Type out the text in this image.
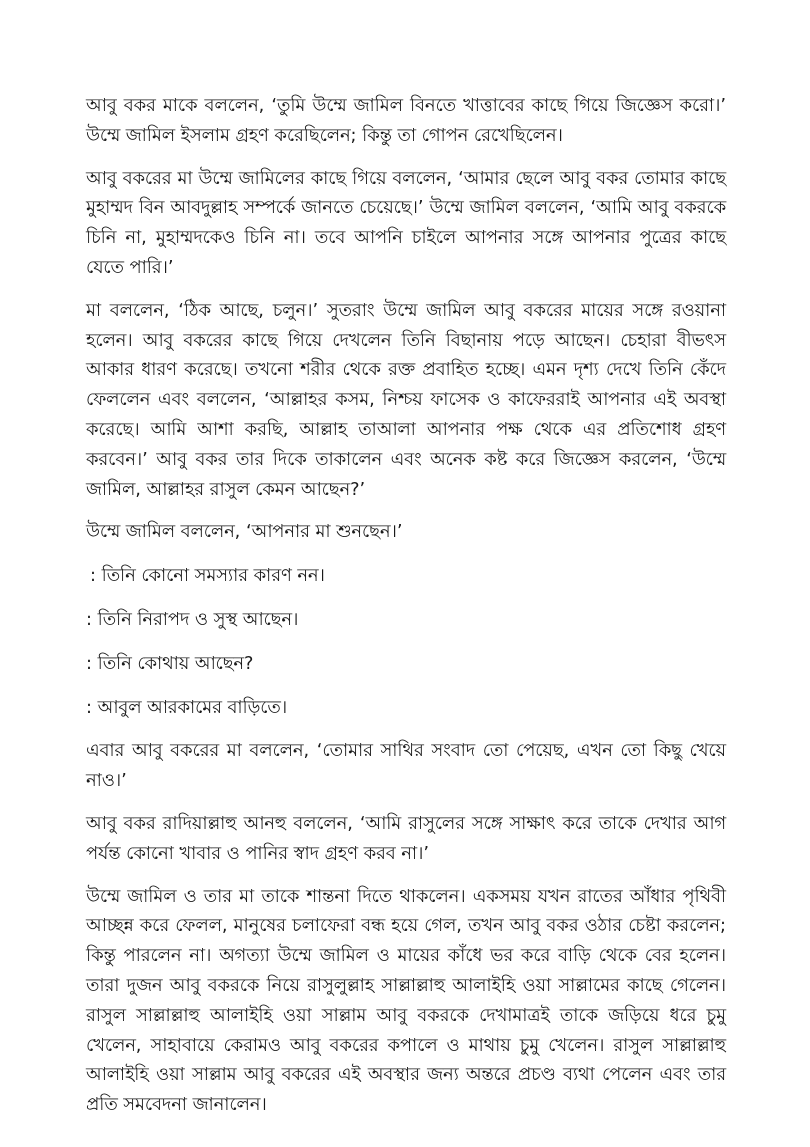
আবু বকর মাকে বললেন, ‘তুমি উম্মে জামিল বিনতে খাত্তাবের কাছে গিয়ে জিজ্ঞেস করো।’ উম্মে জামিল ইসলাম গ্রহণ করেছিলেন; কিন্তু তা গোপন রেখেছিলেন।

আবু বকরের মা উম্মে জামিলের কাছে গিয়ে বললেন, ‘আমার ছেলে আবু বকর তোমার কাছে মুহাম্মদ বিন আবদুল্লাহ সম্পর্কে জানতে চেয়েছে।’ উম্মে জামিল বললেন, ‘আমি আবু বকরকে চিনি না, মুহাম্মদকেও চিনি না। তবে আপনি চাইলে আপনার সঙ্গে আপনার পুত্রের কাছে যেতে পারি।’

মা বললেন, ‘ঠিক আছে, চলুন।’ সুতরাং উম্মে জামিল আবু বকরের মায়ের সঙ্গে রওয়ানা হলেন। আবু বকরের কাছে গিয়ে দেখলেন তিনি বিছানায় পড়ে আছেন। চেহারা বীভৎস আকার ধারণ করেছে। তখনো শরীর থেকে রক্ত প্রবাহিত হচ্ছে। এমন দৃশ্য দেখে তিনি কেঁদে ফেললেন এবং বললেন, ‘আল্লাহর কসম, নিশ্চয় ফাসেক ও কাফেররাই আপনার এই অবস্থা করেছে। আমি আশা করছি, আল্লাহ তাআলা আপনার পক্ষ থেকে এর প্রতিশোধ গ্রহণ করবেন।’ আবু বকর তার দিকে তাকালেন এবং অনেক কষ্ট করে জিজ্ঞেস করলেন, ‘উম্মে জামিল, আল্লাহর রাসুল কেমন আছেন?’

উম্মে জামিল বললেন, ‘আপনার মা শুনছেন।’

: তিনি কোনো সমস্যার কারণ নন।

: তিনি নিরাপদ ও সুস্থ আছেন।

: তিনি কোথায় আছেন?

: আবুল আরকামের বাড়িতে।

এবার আবু বকরের মা বললেন, ‘তোমার সাথির সংবাদ তো পেয়েছ, এখন তো কিছু খেয়ে নাও।’

আবু বকর রাদিয়াল্লাহু আনহু বললেন, ‘আমি রাসুলের সঙ্গে সাক্ষাৎ করে তাকে দেখার আগ পর্যন্ত কোনো খাবার ও পানির স্বাদ গ্রহণ করব না।’

উম্মে জামিল ও তার মা তাকে শান্তনা দিতে থাকলেন। একসময় যখন রাতের আঁধার পৃথিবী আচ্ছন্ন করে ফেলল, মানুষের চলাফেরা বন্ধ হয়ে গেল, তখন আবু বকর ওঠার চেষ্টা করলেন; কিন্তু পারলেন না। অগত্যা উম্মে জামিল ও মায়ের কাঁধে ভর করে বাড়ি থেকে বের হলেন। তারা দুজন আবু বকরকে নিয়ে রাসুলুল্লাহ সাল্লাল্লাহু আলাইহি ওয়া সাল্লামের কাছে গেলেন। রাসুল সাল্লাল্লাহু আলাইহি ওয়া সাল্লাম আবু বকরকে দেখামাত্রই তাকে জড়িয়ে ধরে চুমু খেলেন, সাহাবায়ে কেরামও আবু বকরের কপালে ও মাথায় চুমু খেলেন। রাসুল সাল্লাল্লাহু আলাইহি ওয়া সাল্লাম আবু বকরের এই অবস্থার জন্য অন্তরে প্রচণ্ড ব্যথা পেলেন এবং তার প্রতি সমবেদনা জানালেন।
